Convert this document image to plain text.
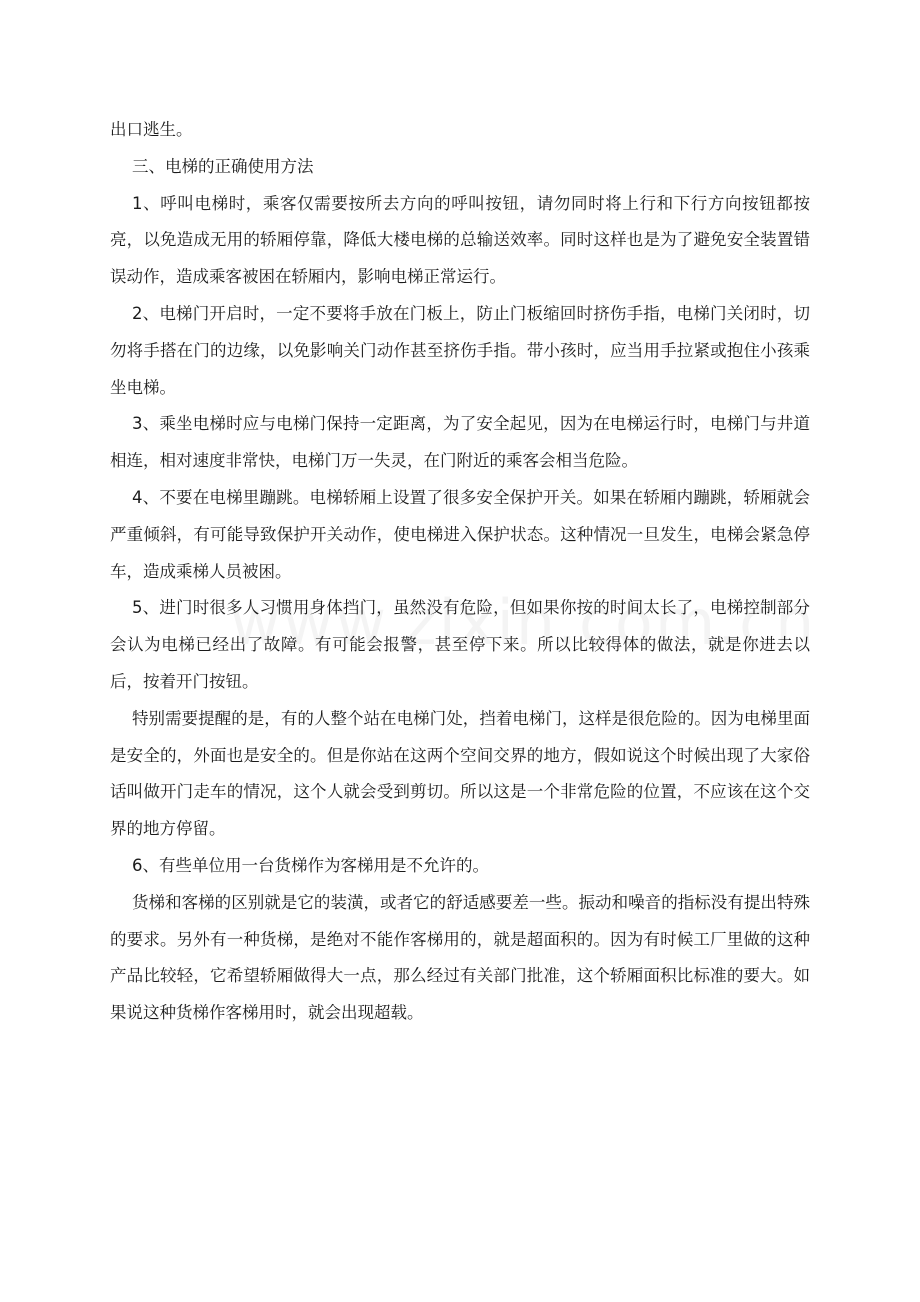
出口逃生。

三、电梯的正确使用方法

1、呼叫电梯时，乘客仅需要按所去方向的呼叫按钮，请勿同时将上行和下行方向按钮都按亮，以免造成无用的轿厢停靠，降低大楼电梯的总输送效率。同时这样也是为了避免安全装置错误动作，造成乘客被困在轿厢内，影响电梯正常运行。

2、电梯门开启时，一定不要将手放在门板上，防止门板缩回时挤伤手指，电梯门关闭时，切勿将手搭在门的边缘，以免影响关门动作甚至挤伤手指。带小孩时，应当用手拉紧或抱住小孩乘坐电梯。

3、乘坐电梯时应与电梯门保持一定距离，为了安全起见，因为在电梯运行时，电梯门与井道相连，相对速度非常快，电梯门万一失灵，在门附近的乘客会相当危险。

4、不要在电梯里蹦跳。电梯轿厢上设置了很多安全保护开关。如果在轿厢内蹦跳，轿厢就会严重倾斜，有可能导致保护开关动作，使电梯进入保护状态。这种情况一旦发生，电梯会紧急停车，造成乘梯人员被困。

5、进门时很多人习惯用身体挡门，虽然没有危险，但如果你按的时间太长了，电梯控制部分会认为电梯已经出了故障。有可能会报警，甚至停下来。所以比较得体的做法，就是你进去以后，按着开门按钮。

特别需要提醒的是，有的人整个站在电梯门处，挡着电梯门，这样是很危险的。因为电梯里面是安全的，外面也是安全的。但是你站在这两个空间交界的地方，假如说这个时候出现了大家俗话叫做开门走车的情况，这个人就会受到剪切。所以这是一个非常危险的位置，不应该在这个交界的地方停留。

6、有些单位用一台货梯作为客梯用是不允许的。

货梯和客梯的区别就是它的装潢，或者它的舒适感要差一些。振动和噪音的指标没有提出特殊的要求。另外有一种货梯，是绝对不能作客梯用的，就是超面积的。因为有时候工厂里做的这种产品比较轻，它希望轿厢做得大一点，那么经过有关部门批准，这个轿厢面积比标准的要大。如果说这种货梯作客梯用时，就会出现超载。
